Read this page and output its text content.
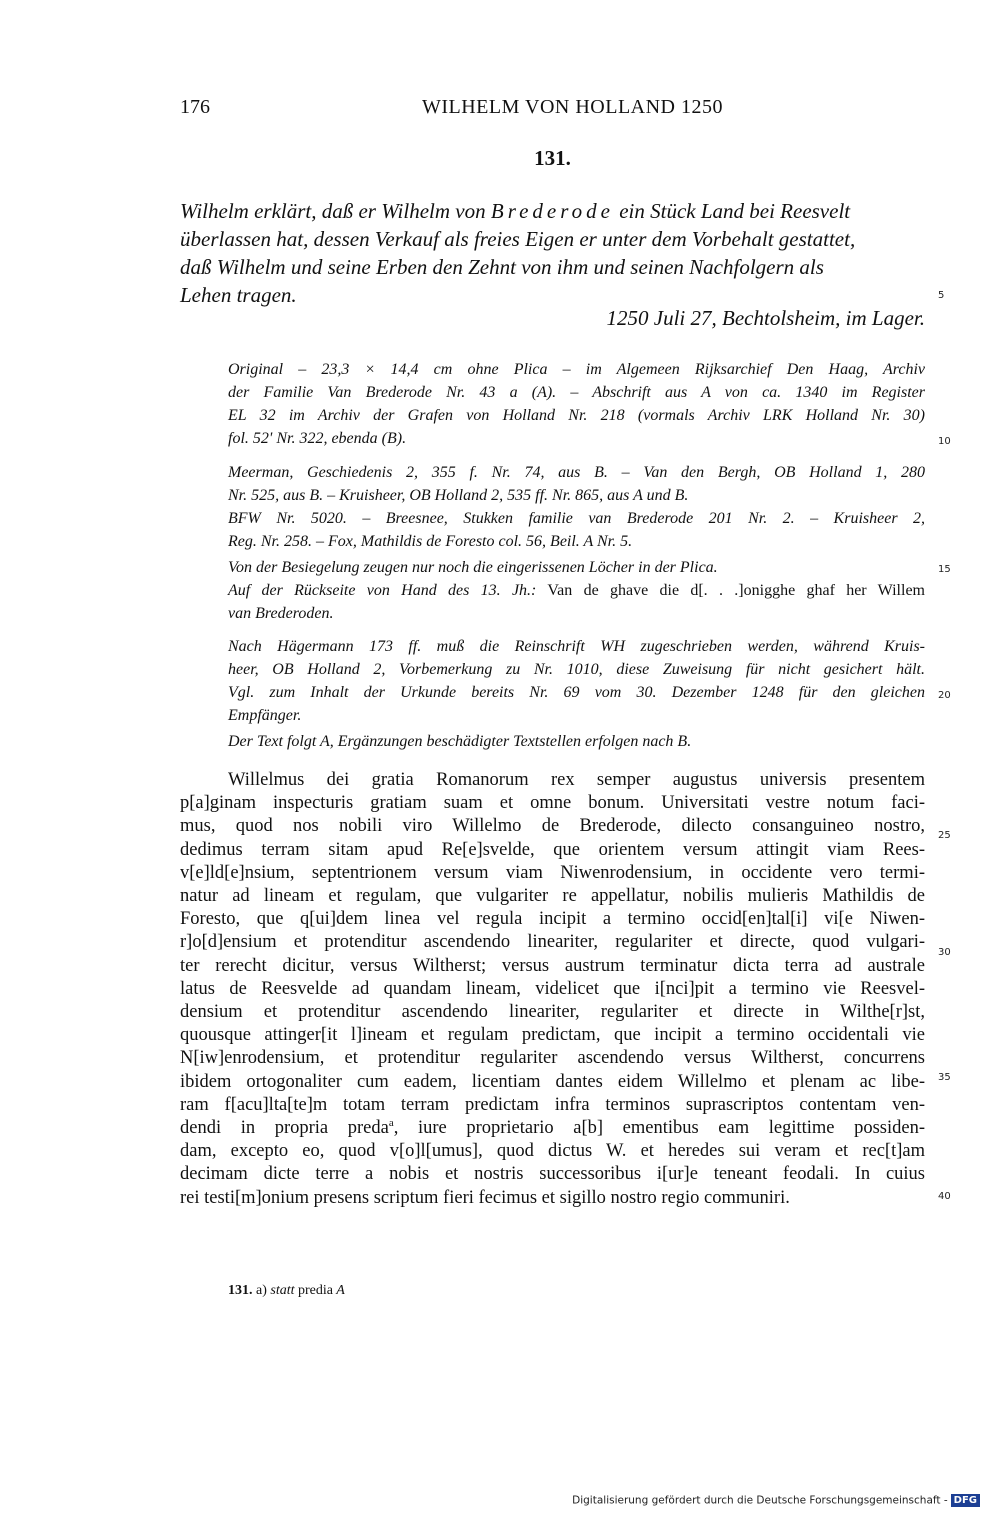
176	WILHELM VON HOLLAND 1250
131.
Wilhelm erklärt, daß er Wilhelm von Brederode ein Stück Land bei Reesvelt
überlassen hat, dessen Verkauf als freies Eigen er unter dem Vorbehalt gestattet,
daß Wilhelm und seine Erben den Zehnt von ihm und seinen Nachfolgern als
Lehen tragen.
1250 Juli 27, Bechtolsheim, im Lager.
Original – 23,3 × 14,4 cm ohne Plica – im Algemeen Rijksarchief Den Haag, Archiv
der Familie Van Brederode Nr. 43 a (A). – Abschrift aus A von ca. 1340 im Register
EL 32 im Archiv der Grafen von Holland Nr. 218 (vormals Archiv LRK Holland Nr. 30)
fol. 52' Nr. 322, ebenda (B).
Meerman, Geschiedenis 2, 355 f. Nr. 74, aus B. – Van den Bergh, OB Holland 1, 280
Nr. 525, aus B. – Kruisheer, OB Holland 2, 535 ff. Nr. 865, aus A und B.
BFW Nr. 5020. – Breesnee, Stukken familie van Brederode 201 Nr. 2. – Kruisheer 2,
Reg. Nr. 258. – Fox, Mathildis de Foresto col. 56, Beil. A Nr. 5.
Von der Besiegelung zeugen nur noch die eingerissenen Löcher in der Plica.
Auf der Rückseite von Hand des 13. Jh.: Van de ghave die d[. . .]onigghe ghaf her Willem
van Brederoden.
Nach Hägermann 173 ff. muß die Reinschrift WH zugeschrieben werden, während Kruis-
heer, OB Holland 2, Vorbemerkung zu Nr. 1010, diese Zuweisung für nicht gesichert hält.
Vgl. zum Inhalt der Urkunde bereits Nr. 69 vom 30. Dezember 1248 für den gleichen
Empfänger.
Der Text folgt A, Ergänzungen beschädigter Textstellen erfolgen nach B.
Willelmus dei gratia Romanorum rex semper augustus universis presentem
p[a]ginam inspecturis gratiam suam et omne bonum. Universitati vestre notum faci-
mus, quod nos nobili viro Willelmo de Brederode, dilecto consanguineo nostro,
dedimus terram sitam apud Re[e]svelde, que orientem versum attingit viam Rees-
v[e]ld[e]nsium, septentrionem versum viam Niwenrodensium, in occidente vero termi-
natur ad lineam et regulam, que vulgariter re appellatur, nobilis mulieris Mathildis de
Foresto, que q[ui]dem linea vel regula incipit a termino occid[en]tal[i] vi[e Niwen-
r]o[d]ensium et protenditur ascendendo lineariter, regulariter et directe, quod vulgari-
ter rerecht dicitur, versus Wiltherst; versus austrum terminatur dicta terra ad australe
latus de Reesvelde ad quandam lineam, videlicet que i[nci]pit a termino vie Reesvel-
densium et protenditur ascendendo lineariter, regulariter et directe in Wilthe[r]st,
quousque attinger[it l]ineam et regulam predictam, que incipit a termino occidentali vie
N[iw]enrodensium, et protenditur regulariter ascendendo versus Wiltherst, concurrens
ibidem ortogonaliter cum eadem, licentiam dantes eidem Willelmo et plenam ac libe-
ram f[acu]lta[te]m totam terram predictam infra terminos suprascriptos contentam ven-
dendi in propria preda$^a$, iure proprietario a[b] ementibus eam legittime possiden-
dam, excepto eo, quod v[o]l[umus], quod dictus W. et heredes sui veram et rec[t]am
decimam dicte terre a nobis et nostris successoribus i[ur]e teneant feodali. In cuius
rei testi[m]onium presens scriptum fieri fecimus et sigillo nostro regio communiri.
5
10
15
20
25
30
35
40
131. a) statt predia A
Digitalisierung gefördert durch die Deutsche Forschungsgemeinschaft - DFG
